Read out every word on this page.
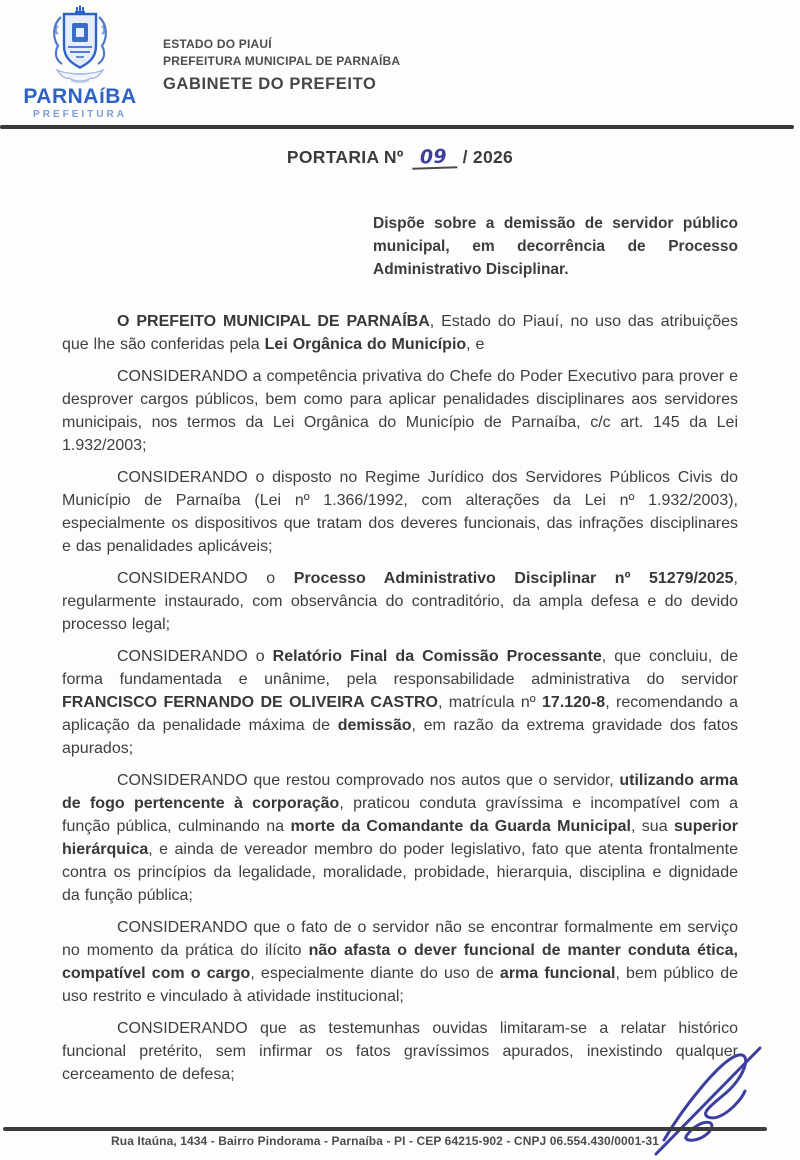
PARNAíBA
PREFEITURA
ESTADO DO PIAUÍ
PREFEITURA MUNICIPAL DE PARNAÍBA
GABINETE DO PREFEITO
PORTARIA Nº 09 / 2026
Dispõe sobre a demissão de servidor público municipal, em decorrência de Processo Administrativo Disciplinar.

O PREFEITO MUNICIPAL DE PARNAÍBA, Estado do Piauí, no uso das atribuições que lhe são conferidas pela Lei Orgânica do Município, e

CONSIDERANDO a competência privativa do Chefe do Poder Executivo para prover e desprover cargos públicos, bem como para aplicar penalidades disciplinares aos servidores municipais, nos termos da Lei Orgânica do Município de Parnaíba, c/c art. 145 da Lei 1.932/2003;

CONSIDERANDO o disposto no Regime Jurídico dos Servidores Públicos Civis do Município de Parnaíba (Lei nº 1.366/1992, com alterações da Lei nº 1.932/2003), especialmente os dispositivos que tratam dos deveres funcionais, das infrações disciplinares e das penalidades aplicáveis;

CONSIDERANDO o Processo Administrativo Disciplinar nº 51279/2025, regularmente instaurado, com observância do contraditório, da ampla defesa e do devido processo legal;

CONSIDERANDO o Relatório Final da Comissão Processante, que concluiu, de forma fundamentada e unânime, pela responsabilidade administrativa do servidor FRANCISCO FERNANDO DE OLIVEIRA CASTRO, matrícula nº 17.120-8, recomendando a aplicação da penalidade máxima de demissão, em razão da extrema gravidade dos fatos apurados;

CONSIDERANDO que restou comprovado nos autos que o servidor, utilizando arma de fogo pertencente à corporação, praticou conduta gravíssima e incompatível com a função pública, culminando na morte da Comandante da Guarda Municipal, sua superior hierárquica, e ainda de vereador membro do poder legislativo, fato que atenta frontalmente contra os princípios da legalidade, moralidade, probidade, hierarquia, disciplina e dignidade da função pública;

CONSIDERANDO que o fato de o servidor não se encontrar formalmente em serviço no momento da prática do ilícito não afasta o dever funcional de manter conduta ética, compatível com o cargo, especialmente diante do uso de arma funcional, bem público de uso restrito e vinculado à atividade institucional;

CONSIDERANDO que as testemunhas ouvidas limitaram-se a relatar histórico funcional pretérito, sem infirmar os fatos gravíssimos apurados, inexistindo qualquer cerceamento de defesa;

Rua Itaúna, 1434 - Bairro Pindorama - Parnaíba - PI - CEP 64215-902 - CNPJ 06.554.430/0001-31
